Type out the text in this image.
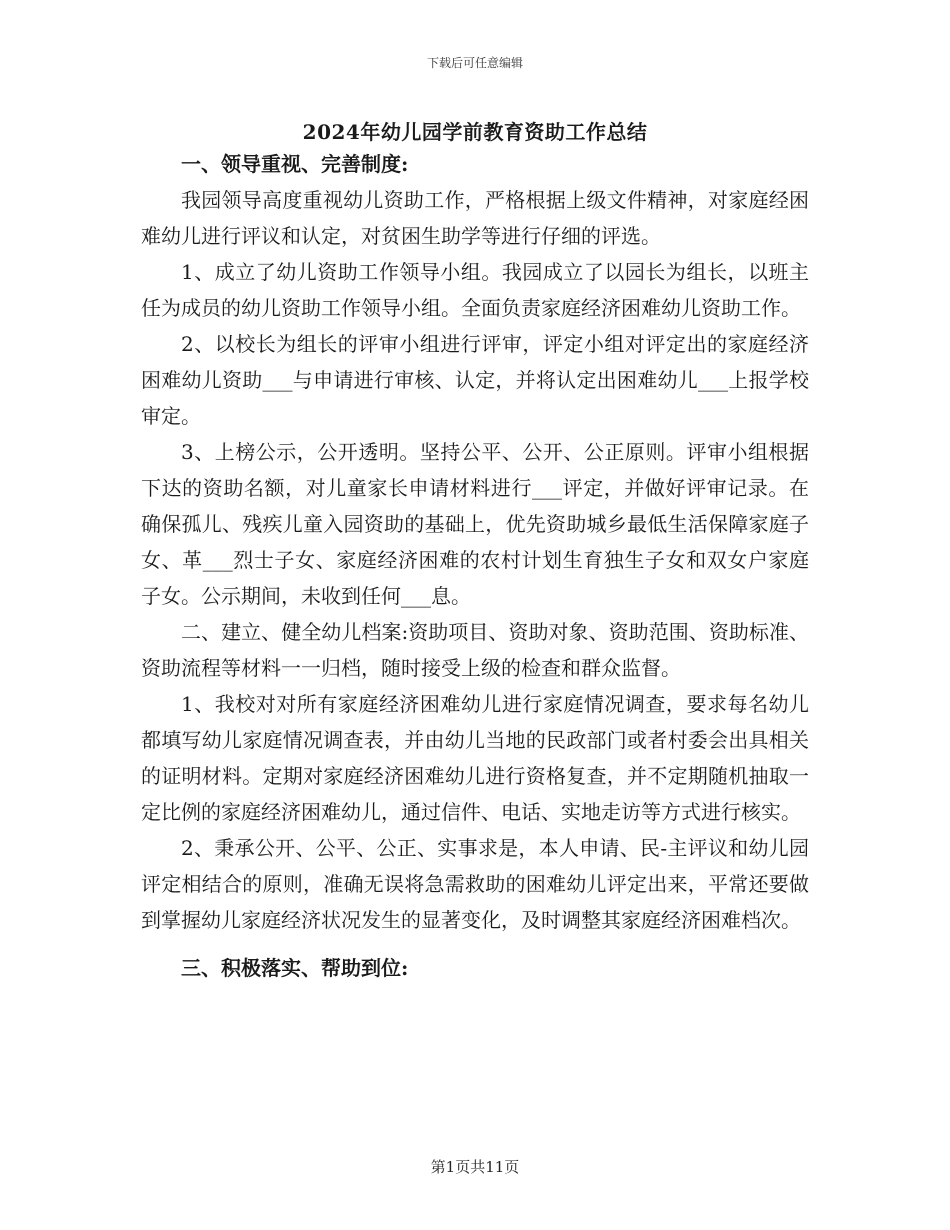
下载后可任意编辑
2024年幼儿园学前教育资助工作总结

一、领导重视、完善制度:

我园领导高度重视幼儿资助工作，严格根据上级文件精神，对家庭经困难幼儿进行评议和认定，对贫困生助学等进行仔细的评选。

1、成立了幼儿资助工作领导小组。我园成立了以园长为组长，以班主任为成员的幼儿资助工作领导小组。全面负责家庭经济困难幼儿资助工作。

2、以校长为组长的评审小组进行评审，评定小组对评定出的家庭经济困难幼儿资助___与申请进行审核、认定，并将认定出困难幼儿___上报学校审定。

3、上榜公示，公开透明。坚持公平、公开、公正原则。评审小组根据下达的资助名额，对儿童家长申请材料进行___评定，并做好评审记录。在确保孤儿、残疾儿童入园资助的基础上，优先资助城乡最低生活保障家庭子女、革___烈士子女、家庭经济困难的农村计划生育独生子女和双女户家庭子女。公示期间，未收到任何___息。

二、建立、健全幼儿档案:资助项目、资助对象、资助范围、资助标准、资助流程等材料一一归档，随时接受上级的检查和群众监督。

1、我校对对所有家庭经济困难幼儿进行家庭情况调查，要求每名幼儿都填写幼儿家庭情况调查表，并由幼儿当地的民政部门或者村委会出具相关的证明材料。定期对家庭经济困难幼儿进行资格复查，并不定期随机抽取一定比例的家庭经济困难幼儿，通过信件、电话、实地走访等方式进行核实。

2、秉承公开、公平、公正、实事求是，本人申请、民-主评议和幼儿园评定相结合的原则，准确无误将急需救助的困难幼儿评定出来，平常还要做到掌握幼儿家庭经济状况发生的显著变化，及时调整其家庭经济困难档次。

三、积极落实、帮助到位:

第1页共11页
